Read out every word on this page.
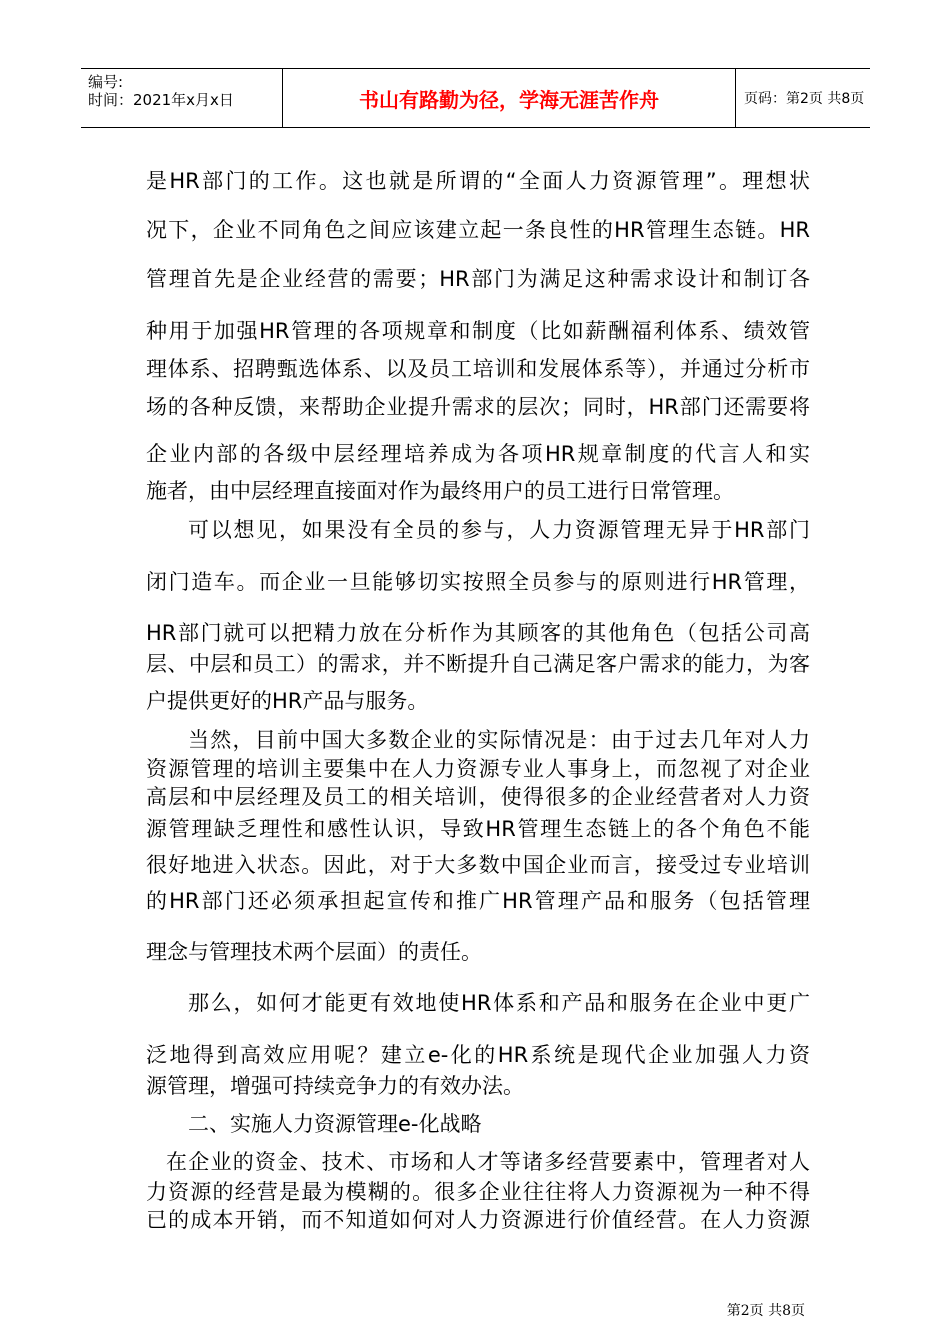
编号:
时间：2021年x月x日	书山有路勤为径，学海无涯苦作舟	页码：第2页 共8页
是HR部门的工作。这也就是所谓的“全面人力资源管理”。理想状
况下，企业不同角色之间应该建立起一条良性的HR管理生态链。HR
管理首先是企业经营的需要；HR部门为满足这种需求设计和制订各
种用于加强HR管理的各项规章和制度（比如薪酬福利体系、绩效管
理体系、招聘甄选体系、以及员工培训和发展体系等），并通过分析市
场的各种反馈，来帮助企业提升需求的层次；同时，HR部门还需要将
企业内部的各级中层经理培养成为各项HR规章制度的代言人和实
施者，由中层经理直接面对作为最终用户的员工进行日常管理。
可以想见，如果没有全员的参与，人力资源管理无异于HR部门
闭门造车。而企业一旦能够切实按照全员参与的原则进行HR管理，
HR部门就可以把精力放在分析作为其顾客的其他角色（包括公司高
层、中层和员工）的需求，并不断提升自己满足客户需求的能力，为客
户提供更好的HR产品与服务。
当然，目前中国大多数企业的实际情况是：由于过去几年对人力
资源管理的培训主要集中在人力资源专业人事身上，而忽视了对企业
高层和中层经理及员工的相关培训，使得很多的企业经营者对人力资
源管理缺乏理性和感性认识，导致HR管理生态链上的各个角色不能
很好地进入状态。因此，对于大多数中国企业而言，接受过专业培训
的HR部门还必须承担起宣传和推广HR管理产品和服务（包括管理
理念与管理技术两个层面）的责任。
那么，如何才能更有效地使HR体系和产品和服务在企业中更广
泛地得到高效应用呢？建立e-化的HR系统是现代企业加强人力资
源管理，增强可持续竞争力的有效办法。
二、实施人力资源管理e-化战略
在企业的资金、技术、市场和人才等诸多经营要素中，管理者对人
力资源的经营是最为模糊的。很多企业往往将人力资源视为一种不得
已的成本开销，而不知道如何对人力资源进行价值经营。在人力资源
第2页 共8页
